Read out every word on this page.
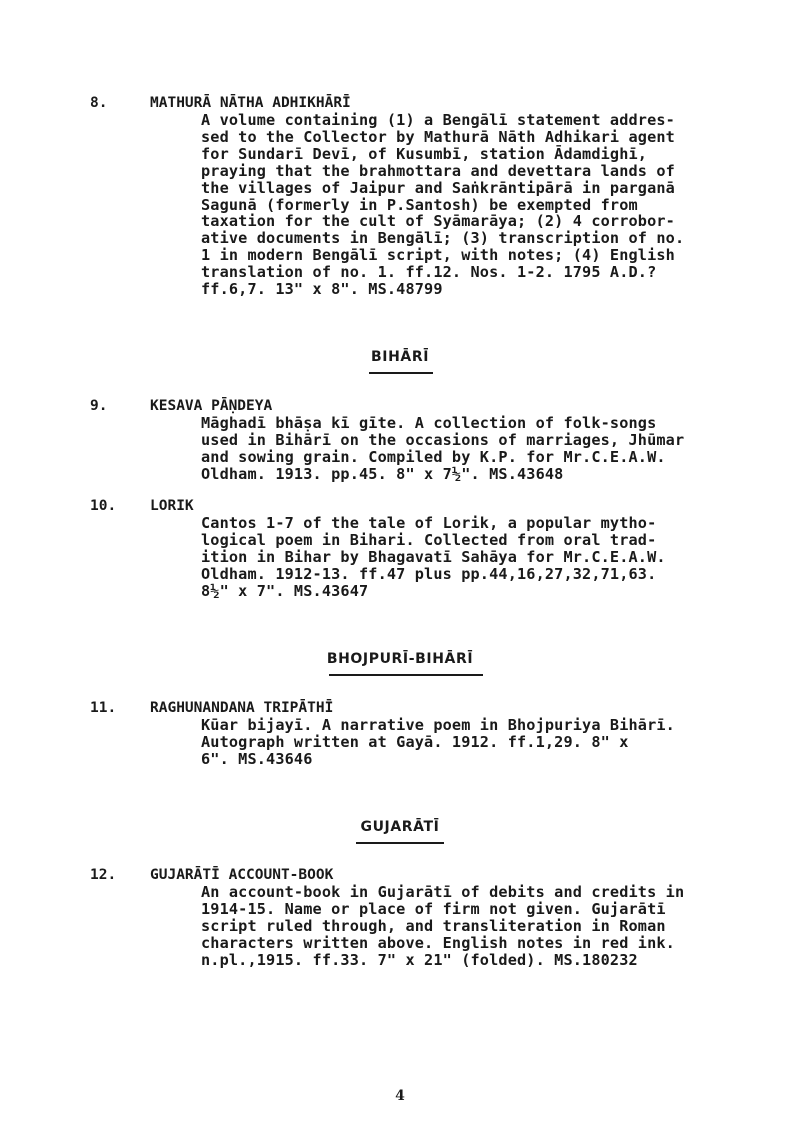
8.	MATHURĀ NĀTHA ADHIKHĀRĪ
A volume containing (1) a Bengālī statement addres-
sed to the Collector by Mathurā Nāth Adhikari agent
for Sundarī Devī, of Kusumbī, station Ādamdighī,
praying that the brahmottara and devettara lands of
the villages of Jaipur and Saṅkrāntipārā in parganā
Sagunā (formerly in P.Santosh) be exempted from
taxation for the cult of Syāmarāya; (2) 4 corrobor-
ative documents in Bengālī; (3) transcription of no.
1 in modern Bengālī script, with notes; (4) English
translation of no. 1. ff.12. Nos. 1-2. 1795 A.D.?
ff.6,7. 13" x 8". MS.48799
BIHĀRĪ
9.	KESAVA PĀṆDEYA
Māghadī bhāṣa kī gīte. A collection of folk-songs
used in Bihārī on the occasions of marriages, Jhūmar
and sowing grain. Compiled by K.P. for Mr.C.E.A.W.
Oldham. 1913. pp.45. 8" x 7½". MS.43648
10. LORIK
Cantos 1-7 of the tale of Lorik, a popular mytho-
logical poem in Bihari. Collected from oral trad-
ition in Bihar by Bhagavatī Sahāya for Mr.C.E.A.W.
Oldham. 1912-13. ff.47 plus pp.44,16,27,32,71,63.
8½" x 7". MS.43647
BHOJPURĪ-BIHĀRĪ
11. RAGHUNANDANA TRIPĀTHĪ
Kūar bijayī. A narrative poem in Bhojpuriya Bihārī.
Autograph written at Gayā. 1912. ff.1,29. 8" x
6". MS.43646
GUJARĀTĪ
12. GUJARĀTĪ ACCOUNT-BOOK
An account-book in Gujarātī of debits and credits in
1914-15. Name or place of firm not given. Gujarātī
script ruled through, and transliteration in Roman
characters written above. English notes in red ink.
n.pl.,1915. ff.33. 7" x 21" (folded). MS.180232
4
